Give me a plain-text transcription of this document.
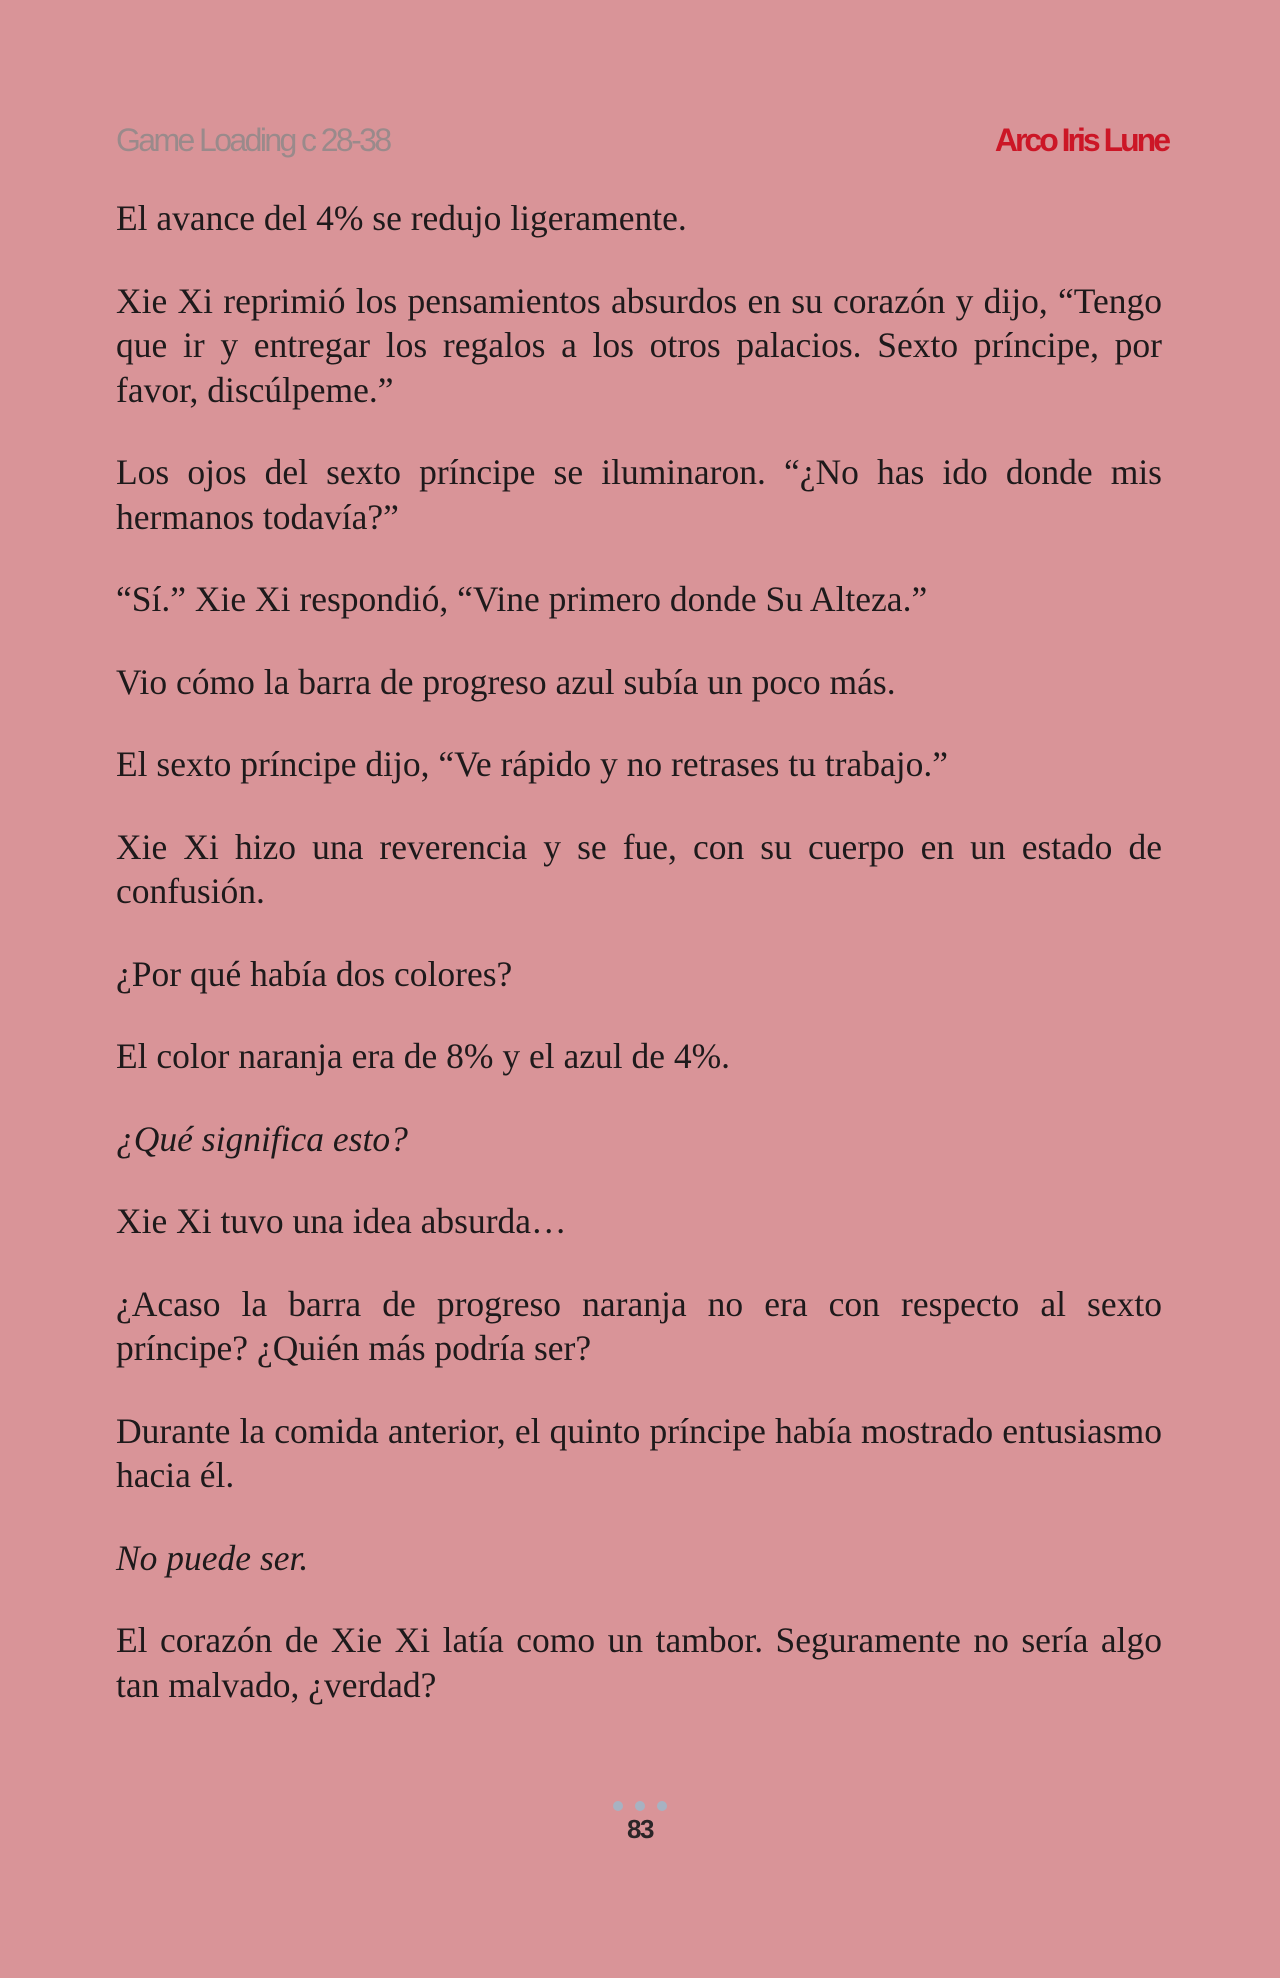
Game Loading c 28-38	Arco Iris Lune

El avance del 4% se redujo ligeramente.

Xie Xi reprimió los pensamientos absurdos en su corazón y dijo, “Tengo que ir y entregar los regalos a los otros palacios. Sexto príncipe, por favor, discúlpeme.”

Los ojos del sexto príncipe se iluminaron. “¿No has ido donde mis hermanos todavía?”

“Sí.” Xie Xi respondió, “Vine primero donde Su Alteza.”

Vio cómo la barra de progreso azul subía un poco más.

El sexto príncipe dijo, “Ve rápido y no retrases tu trabajo.”

Xie Xi hizo una reverencia y se fue, con su cuerpo en un estado de confusión.

¿Por qué había dos colores?

El color naranja era de 8% y el azul de 4%.

¿Qué significa esto?

Xie Xi tuvo una idea absurda…

¿Acaso la barra de progreso naranja no era con respecto al sexto príncipe? ¿Quién más podría ser?

Durante la comida anterior, el quinto príncipe había mostrado entusiasmo hacia él.

No puede ser.

El corazón de Xie Xi latía como un tambor. Seguramente no sería algo tan malvado, ¿verdad?

83
